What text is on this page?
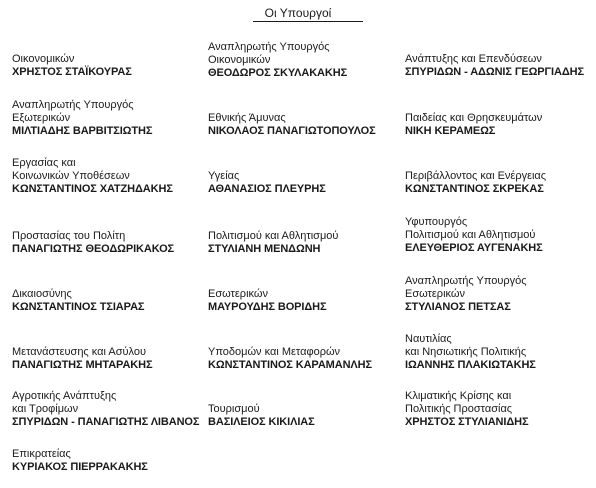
Οι Υπουργοί
Οικονομικών
ΧΡΗΣΤΟΣ ΣΤΑΪΚΟΥΡΑΣ
Αναπληρωτής Υπουργός
Εξωτερικών
ΜΙΛΤΙΑΔΗΣ ΒΑΡΒΙΤΣΙΩΤΗΣ
Εργασίας και
Κοινωνικών Υποθέσεων
ΚΩΝΣΤΑΝΤΙΝΟΣ ΧΑΤΖΗΔΑΚΗΣ
Προστασίας του Πολίτη
ΠΑΝΑΓΙΩΤΗΣ ΘΕΟΔΩΡΙΚΑΚΟΣ
Δικαιοσύνης
ΚΩΝΣΤΑΝΤΙΝΟΣ ΤΣΙΑΡΑΣ
Μετανάστευσης και Ασύλου
ΠΑΝΑΓΙΩΤΗΣ ΜΗΤΑΡΑΚΗΣ
Αγροτικής Ανάπτυξης
και Τροφίμων
ΣΠΥΡΙΔΩΝ - ΠΑΝΑΓΙΩΤΗΣ ΛΙΒΑΝΟΣ
Επικρατείας
ΚΥΡΙΑΚΟΣ ΠΙΕΡΡΑΚΑΚΗΣ
Αναπληρωτής Υπουργός
Οικονομικών
ΘΕΟΔΩΡΟΣ ΣΚΥΛΑΚΑΚΗΣ
Εθνικής Άμυνας
ΝΙΚΟΛΑΟΣ ΠΑΝΑΓΙΩΤΟΠΟΥΛΟΣ
Υγείας
ΑΘΑΝΑΣΙΟΣ ΠΛΕΥΡΗΣ
Πολιτισμού και Αθλητισμού
ΣΤΥΛΙΑΝΗ ΜΕΝΔΩΝΗ
Εσωτερικών
ΜΑΥΡΟΥΔΗΣ ΒΟΡΙΔΗΣ
Υποδομών και Μεταφορών
ΚΩΝΣΤΑΝΤΙΝΟΣ ΚΑΡΑΜΑΝΛΗΣ
Τουρισμού
ΒΑΣΙΛΕΙΟΣ ΚΙΚΙΛΙΑΣ
Ανάπτυξης και Επενδύσεων
ΣΠΥΡΙΔΩΝ - ΑΔΩΝΙΣ ΓΕΩΡΓΙΑΔΗΣ
Παιδείας και Θρησκευμάτων
ΝΙΚΗ ΚΕΡΑΜΕΩΣ
Περιβάλλοντος και Ενέργειας
ΚΩΝΣΤΑΝΤΙΝΟΣ ΣΚΡΕΚΑΣ
Υφυπουργός
Πολιτισμού και Αθλητισμού
ΕΛΕΥΘΕΡΙΟΣ ΑΥΓΕΝΑΚΗΣ
Αναπληρωτής Υπουργός
Εσωτερικών
ΣΤΥΛΙΑΝΟΣ ΠΕΤΣΑΣ
Ναυτιλίας
και Νησιωτικής Πολιτικής
ΙΩΑΝΝΗΣ ΠΛΑΚΙΩΤΑΚΗΣ
Κλιματικής Κρίσης και
Πολιτικής Προστασίας
ΧΡΗΣΤΟΣ ΣΤΥΛΙΑΝΙΔΗΣ
